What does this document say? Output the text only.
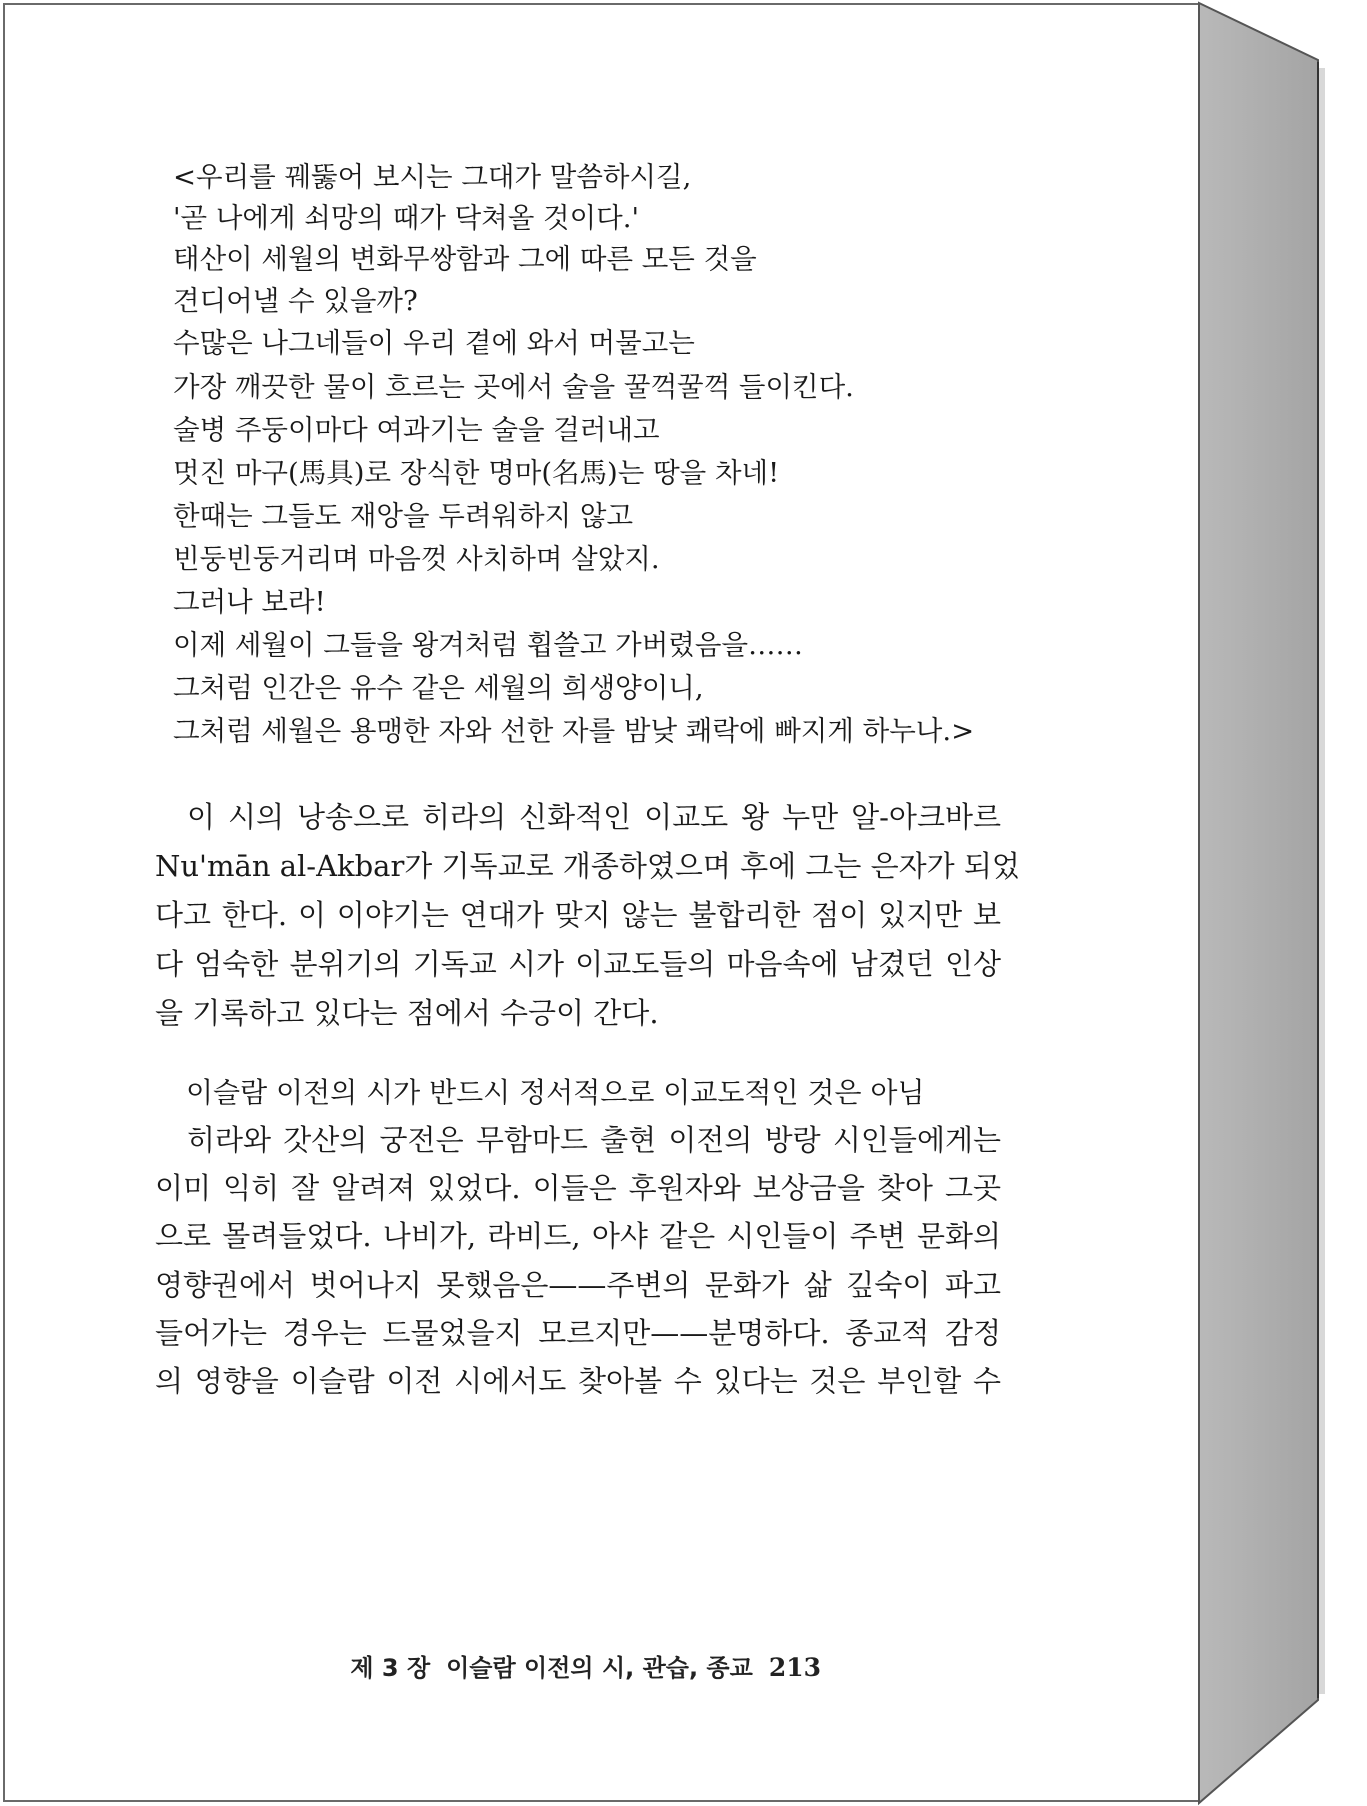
<우리를 꿰뚫어 보시는 그대가 말씀하시길,
'곧 나에게 쇠망의 때가 닥쳐올 것이다.'
태산이 세월의 변화무쌍함과 그에 따른 모든 것을
견디어낼 수 있을까?
수많은 나그네들이 우리 곁에 와서 머물고는
가장 깨끗한 물이 흐르는 곳에서 술을 꿀꺽꿀꺽 들이킨다.
술병 주둥이마다 여과기는 술을 걸러내고
멋진 마구(馬具)로 장식한 명마(名馬)는 땅을 차네!
한때는 그들도 재앙을 두려워하지 않고
빈둥빈둥거리며 마음껏 사치하며 살았지.
그러나 보라!
이제 세월이 그들을 왕겨처럼 휩쓸고 가버렸음을……
그처럼 인간은 유수 같은 세월의 희생양이니,
그처럼 세월은 용맹한 자와 선한 자를 밤낮 쾌락에 빠지게 하누나.>
이 시의 낭송으로 히라의 신화적인 이교도 왕 누만 알-아크바르
Nu'mān al-Akbar가 기독교로 개종하였으며 후에 그는 은자가 되었
다고 한다. 이 이야기는 연대가 맞지 않는 불합리한 점이 있지만 보
다 엄숙한 분위기의 기독교 시가 이교도들의 마음속에 남겼던 인상
을 기록하고 있다는 점에서 수긍이 간다.
이슬람 이전의 시가 반드시 정서적으로 이교도적인 것은 아님
히라와 갓산의 궁전은 무함마드 출현 이전의 방랑 시인들에게는
이미 익히 잘 알려져 있었다. 이들은 후원자와 보상금을 찾아 그곳
으로 몰려들었다. 나비가, 라비드, 아샤 같은 시인들이 주변 문화의
영향권에서 벗어나지 못했음은——주변의 문화가 삶 깊숙이 파고
들어가는 경우는 드물었을지 모르지만——분명하다. 종교적 감정
의 영향을 이슬람 이전 시에서도 찾아볼 수 있다는 것은 부인할 수
제 3 장 이슬람 이전의 시, 관습, 종교 213
